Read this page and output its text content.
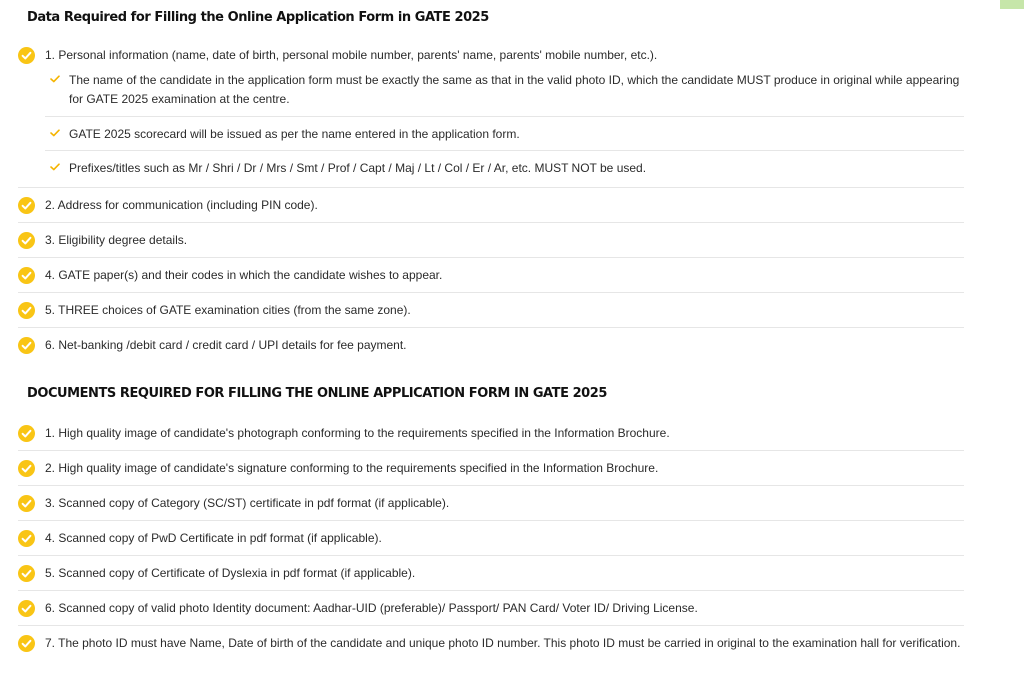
Data Required for Filling the Online Application Form in GATE 2025
1. Personal information (name, date of birth, personal mobile number, parents' name, parents' mobile number, etc.).
The name of the candidate in the application form must be exactly the same as that in the valid photo ID, which the candidate MUST produce in original while appearing for GATE 2025 examination at the centre.
GATE 2025 scorecard will be issued as per the name entered in the application form.
Prefixes/titles such as Mr / Shri / Dr / Mrs / Smt / Prof / Capt / Maj / Lt / Col / Er / Ar, etc. MUST NOT be used.
2. Address for communication (including PIN code).
3. Eligibility degree details.
4. GATE paper(s) and their codes in which the candidate wishes to appear.
5. THREE choices of GATE examination cities (from the same zone).
6. Net-banking /debit card / credit card / UPI details for fee payment.
DOCUMENTS REQUIRED FOR FILLING THE ONLINE APPLICATION FORM IN GATE 2025
1. High quality image of candidate's photograph conforming to the requirements specified in the Information Brochure.
2. High quality image of candidate's signature conforming to the requirements specified in the Information Brochure.
3. Scanned copy of Category (SC/ST) certificate in pdf format (if applicable).
4. Scanned copy of PwD Certificate in pdf format (if applicable).
5. Scanned copy of Certificate of Dyslexia in pdf format (if applicable).
6. Scanned copy of valid photo Identity document: Aadhar-UID (preferable)/ Passport/ PAN Card/ Voter ID/ Driving License.
7. The photo ID must have Name, Date of birth of the candidate and unique photo ID number. This photo ID must be carried in original to the examination hall for verification.
